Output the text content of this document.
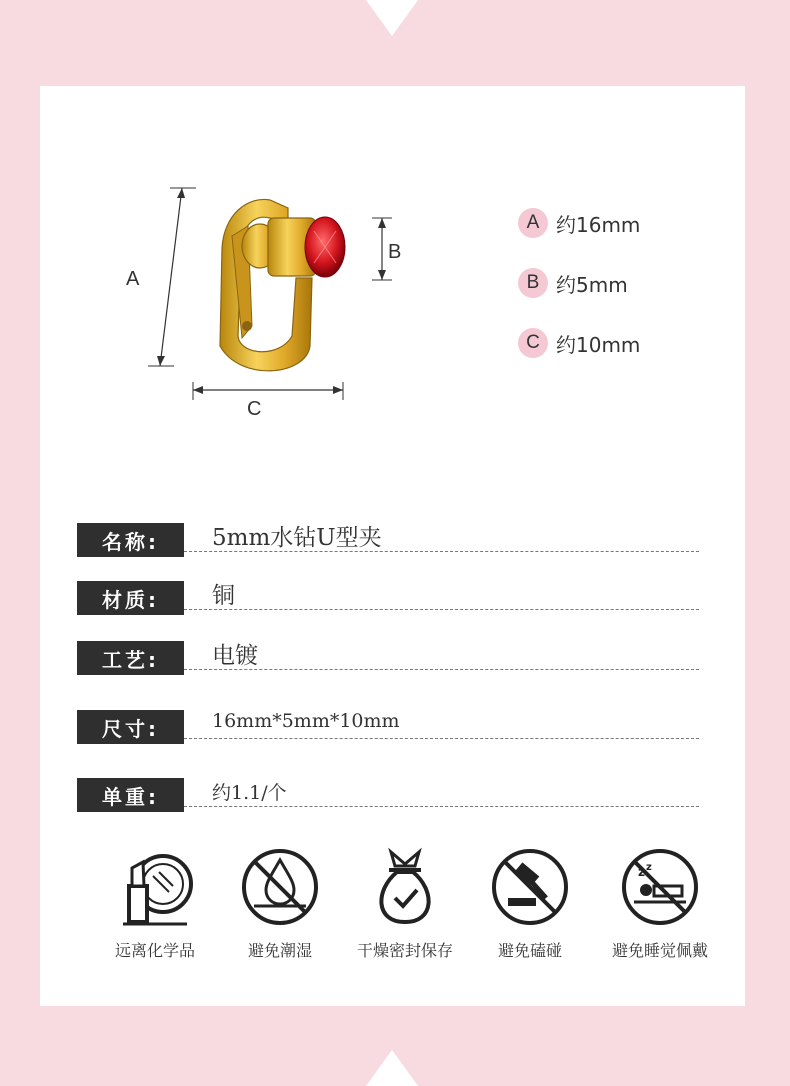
A
B
C
A 约16mm
B 约5mm
C 约10mm
名称:	5mm水钻U型夹
材质:	铜
工艺:	电镀
尺寸:	16mm*5mm*10mm
单重:	约1.1/个
远离化学品	避免潮湿	干燥密封保存	避免磕碰
z z
避免睡觉佩戴
